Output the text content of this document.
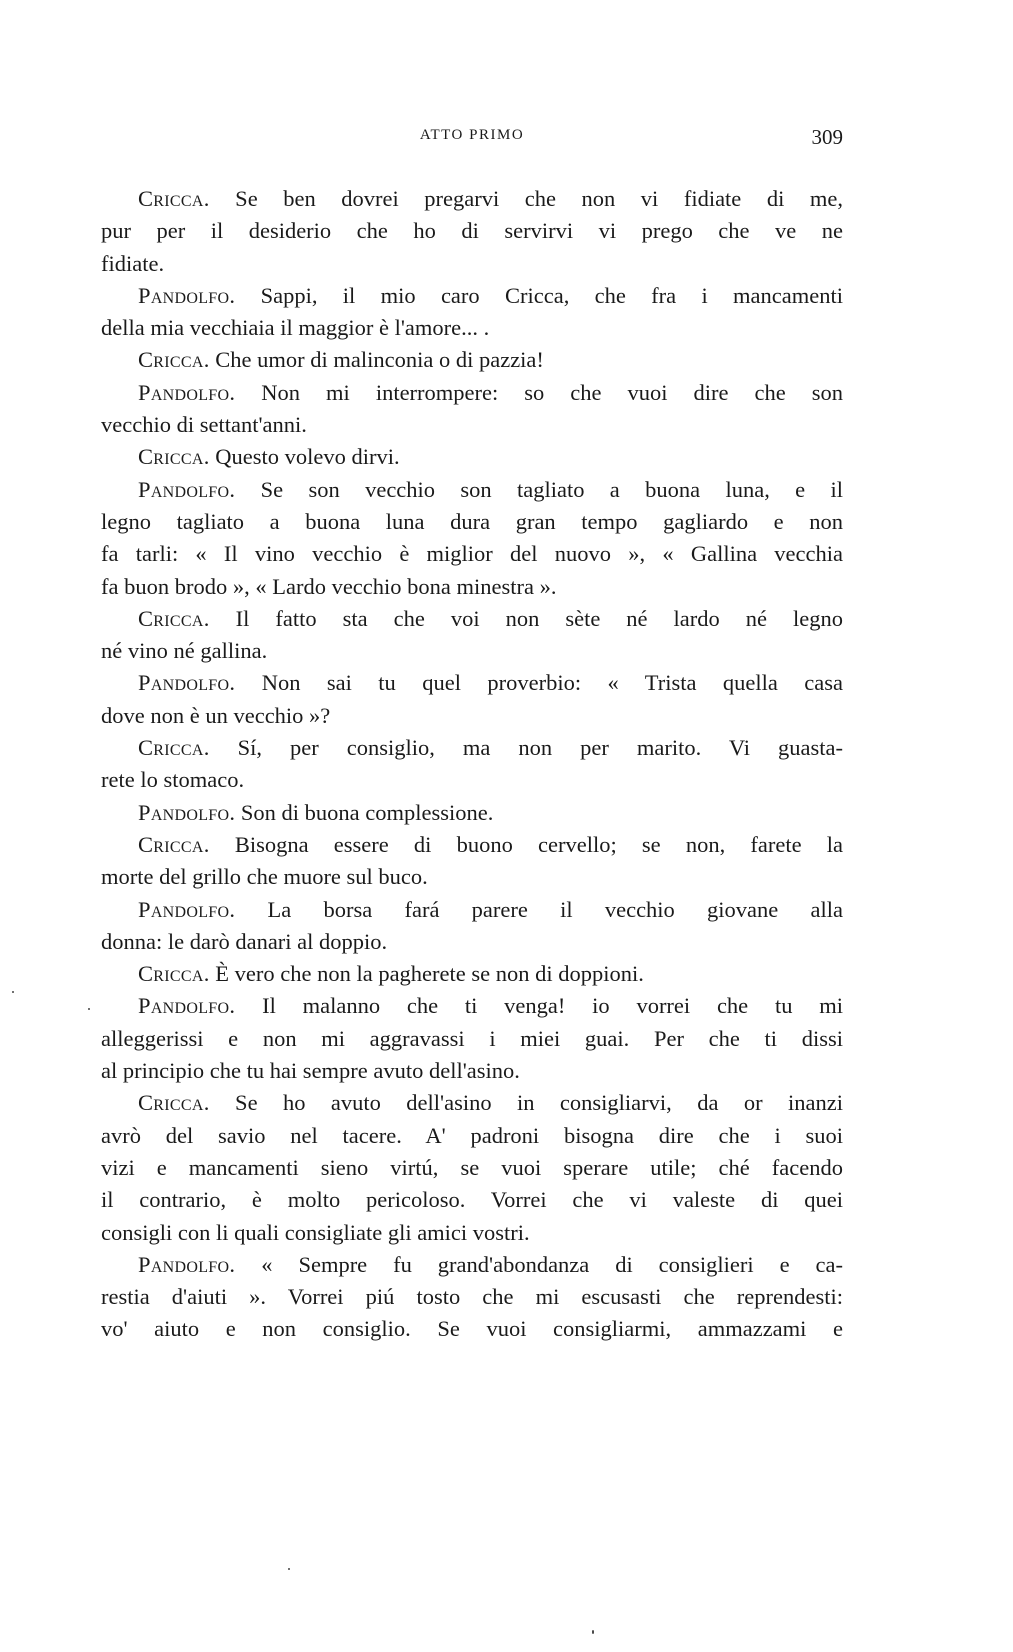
ATTO PRIMO	309
Cricca. Se ben dovrei pregarvi che non vi fidiate di me,
pur per il desiderio che ho di servirvi vi prego che ve ne
fidiate.
Pandolfo. Sappi, il mio caro Cricca, che fra i mancamenti
della mia vecchiaia il maggior è l'amore... .
Cricca. Che umor di malinconia o di pazzia!
Pandolfo. Non mi interrompere: so che vuoi dire che son
vecchio di settant'anni.
Cricca. Questo volevo dirvi.
Pandolfo. Se son vecchio son tagliato a buona luna, e il
legno tagliato a buona luna dura gran tempo gagliardo e non
fa tarli: « Il vino vecchio è miglior del nuovo », « Gallina vecchia
fa buon brodo », « Lardo vecchio bona minestra ».
Cricca. Il fatto sta che voi non sète né lardo né legno
né vino né gallina.
Pandolfo. Non sai tu quel proverbio: « Trista quella casa
dove non è un vecchio »?
Cricca. Sí, per consiglio, ma non per marito. Vi guasta-
rete lo stomaco.
Pandolfo. Son di buona complessione.
Cricca. Bisogna essere di buono cervello; se non, farete la
morte del grillo che muore sul buco.
Pandolfo. La borsa fará parere il vecchio giovane alla
donna: le darò danari al doppio.
Cricca. È vero che non la pagherete se non di doppioni.
Pandolfo. Il malanno che ti venga! io vorrei che tu mi
alleggerissi e non mi aggravassi i miei guai. Per che ti dissi
al principio che tu hai sempre avuto dell'asino.
Cricca. Se ho avuto dell'asino in consigliarvi, da or inanzi
avrò del savio nel tacere. A' padroni bisogna dire che i suoi
vizi e mancamenti sieno virtú, se vuoi sperare utile; ché facendo
il contrario, è molto pericoloso. Vorrei che vi valeste di quei
consigli con li quali consigliate gli amici vostri.
Pandolfo. « Sempre fu grand'abondanza di consiglieri e ca-
restia d'aiuti ». Vorrei piú tosto che mi escusasti che reprendesti:
vo' aiuto e non consiglio. Se vuoi consigliarmi, ammazzami e
